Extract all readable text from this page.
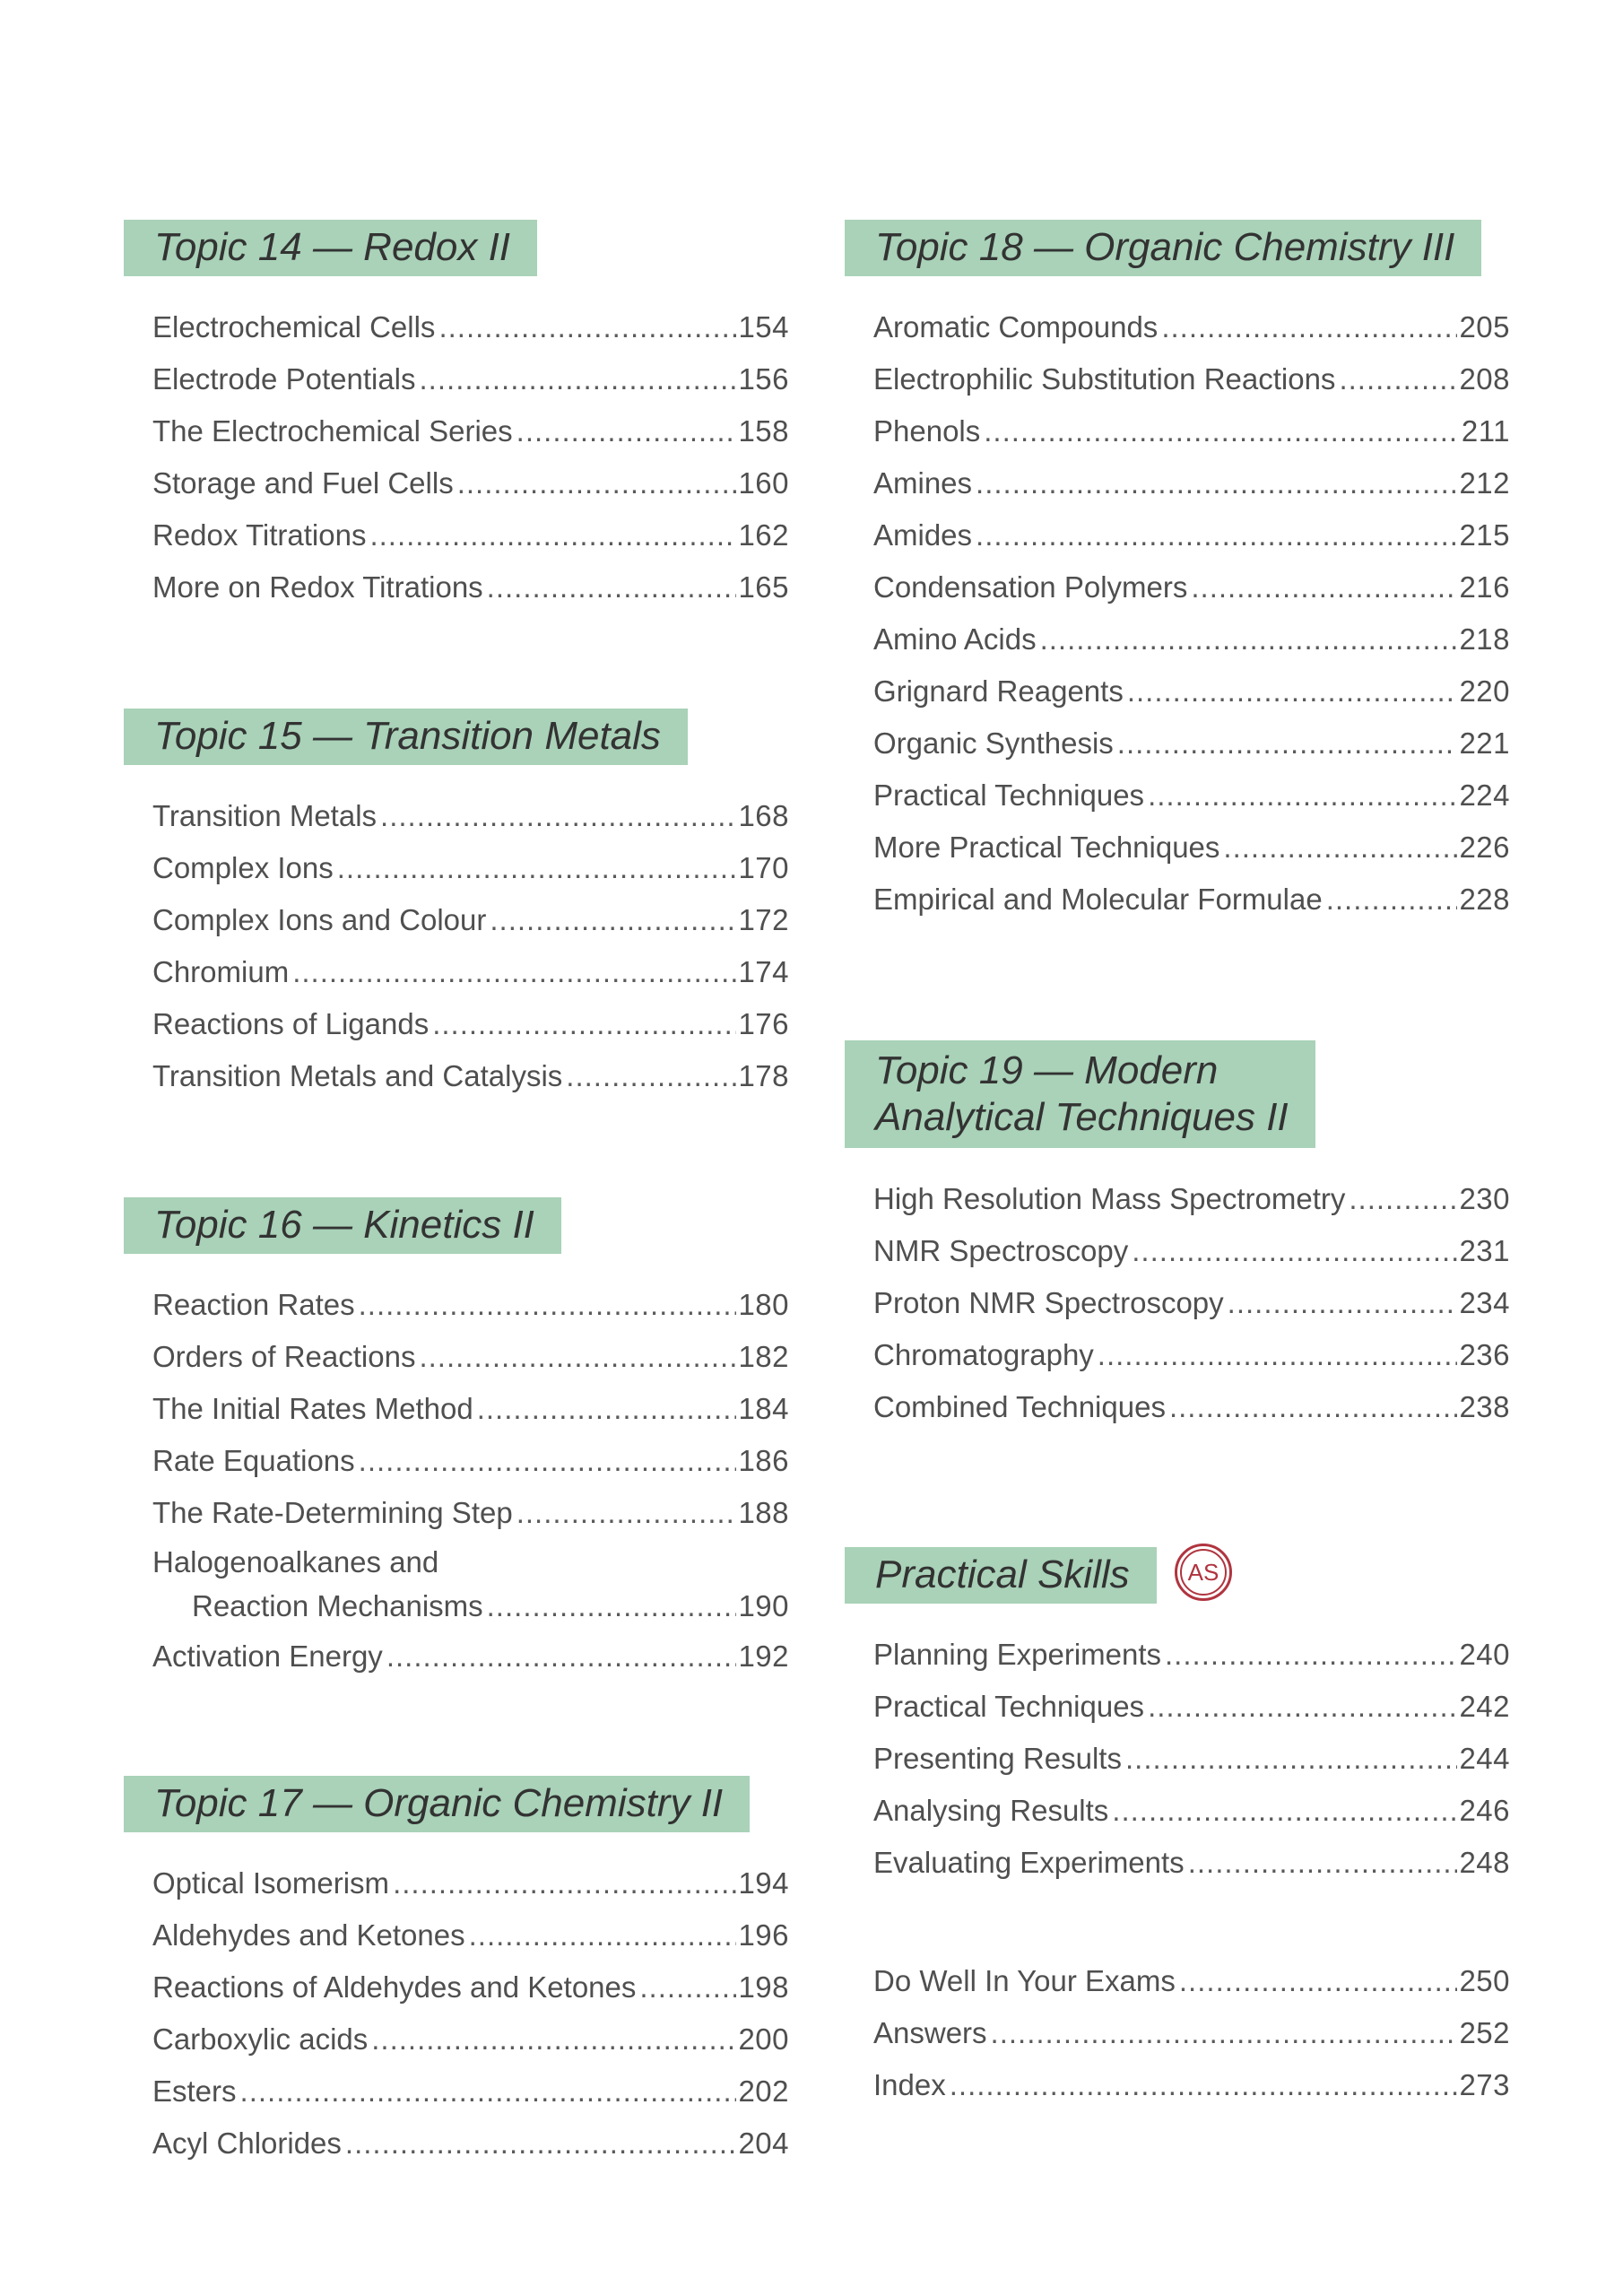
Topic 14 — Redox II
Electrochemical Cells .....	154
Electrode Potentials .....	156
The Electrochemical Series .....	158
Storage and Fuel Cells .....	160
Redox Titrations .....	162
More on Redox Titrations .....	165
Topic 15 — Transition Metals
Transition Metals .....	168
Complex Ions .....	170
Complex Ions and Colour .....	172
Chromium .....	174
Reactions of Ligands .....	176
Transition Metals and Catalysis .....	178
Topic 16 — Kinetics II
Reaction Rates .....	180
Orders of Reactions .....	182
The Initial Rates Method .....	184
Rate Equations .....	186
The Rate-Determining Step .....	188
Halogenoalkanes and
Reaction Mechanisms .....	190
Activation Energy .....	192
Topic 17 — Organic Chemistry II
Optical Isomerism .....	194
Aldehydes and Ketones .....	196
Reactions of Aldehydes and Ketones .....	198
Carboxylic acids .....	200
Esters .....	202
Acyl Chlorides .....	204
Topic 18 — Organic Chemistry III
Aromatic Compounds .....	205
Electrophilic Substitution Reactions .....	208
Phenols .....	211
Amines .....	212
Amides .....	215
Condensation Polymers .....	216
Amino Acids .....	218
Grignard Reagents .....	220
Organic Synthesis .....	221
Practical Techniques .....	224
More Practical Techniques .....	226
Empirical and Molecular Formulae .....	228
Topic 19 — Modern
Analytical Techniques II
High Resolution Mass Spectrometry .....	230
NMR Spectroscopy .....	231
Proton NMR Spectroscopy .....	234
Chromatography .....	236
Combined Techniques .....	238
Practical Skills	AS
Planning Experiments .....	240
Practical Techniques .....	242
Presenting Results .....	244
Analysing Results .....	246
Evaluating Experiments .....	248
Do Well In Your Exams .....	250
Answers .....	252
Index .....	273
